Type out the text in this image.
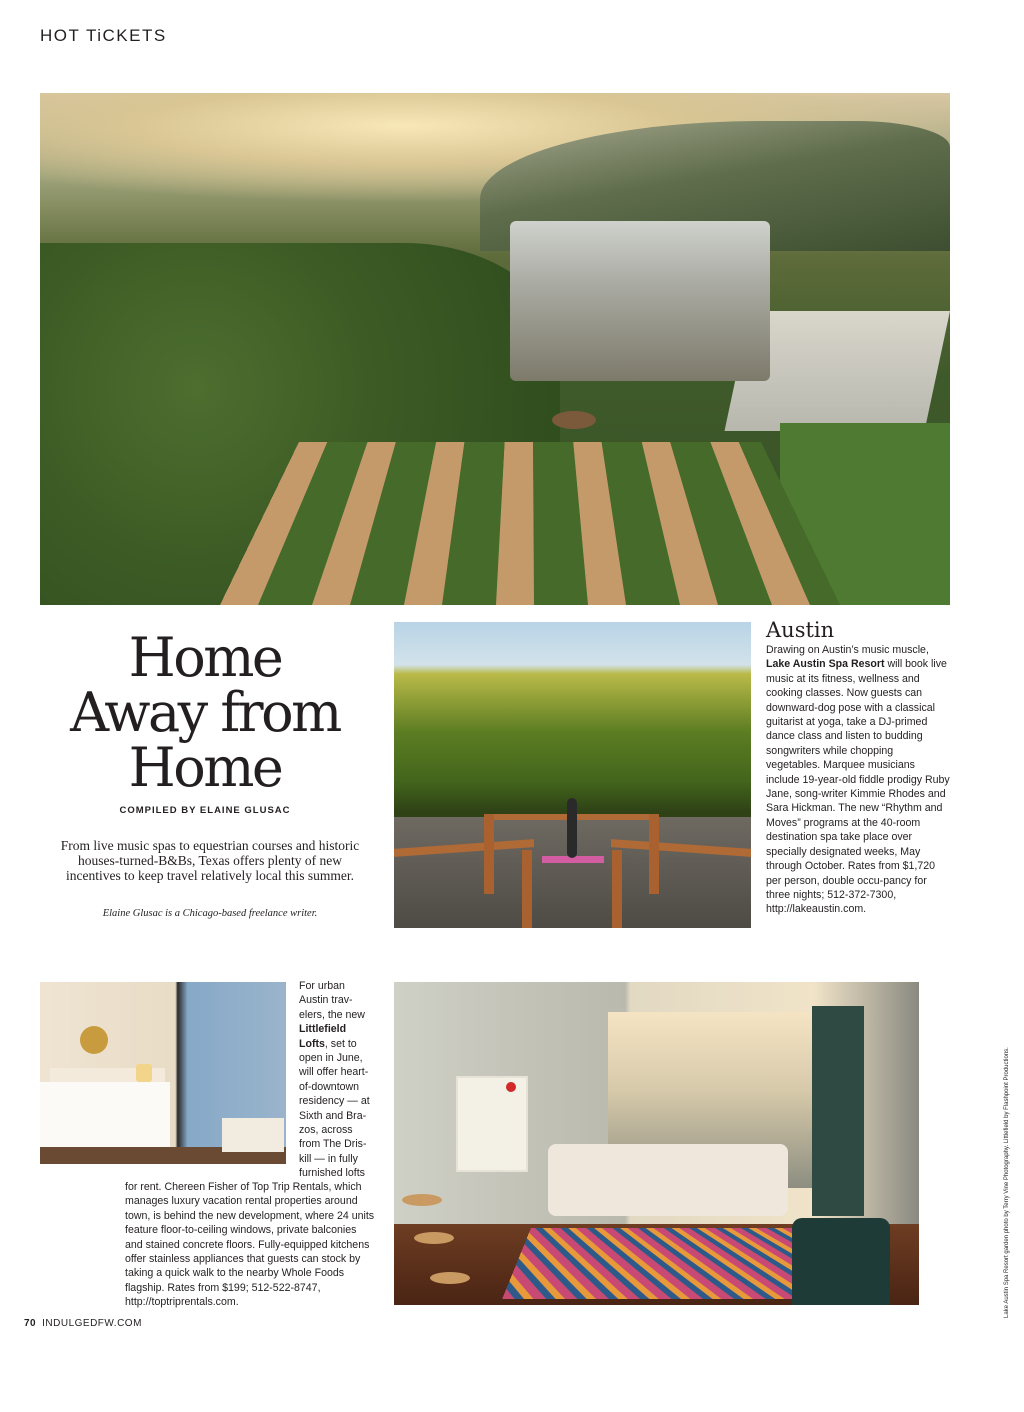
HOT TiCKETS
Home
Away from
Home
COMPILED BY ELAINE GLUSAC
From live music spas to equestrian courses and historic houses-turned-B&Bs, Texas offers plenty of new incentives to keep travel relatively local this summer.
Elaine Glusac is a Chicago-based freelance writer.
Austin
Drawing on Austin’s music muscle, Lake Austin Spa Resort will book live music at its fitness, wellness and cooking classes. Now guests can downward-dog pose with a classical guitarist at yoga, take a DJ-primed dance class and listen to budding songwriters while chopping vegetables. Marquee musicians include 19-year-old fiddle prodigy Ruby Jane, song-writer Kimmie Rhodes and Sara Hickman. The new “Rhythm and Moves” programs at the 40-room destination spa take place over specially designated weeks, May through October. Rates from $1,720 per person, double occu-pancy for three nights; 512-372-7300, http://lakeaustin.com.
For urban Austin trav-elers, the new Littlefield Lofts, set to open in June, will offer heart-of-downtown residency — at Sixth and Bra-zos, across from The Dris-kill — in fully furnished lofts
for rent. Chereen Fisher of Top Trip Rentals, which manages luxury vacation rental properties around town, is behind the new development, where 24 units feature floor-to-ceiling windows, private balconies and stained concrete floors. Fully-equipped kitchens offer stainless appliances that guests can stock by taking a quick walk to the nearby Whole Foods flagship. Rates from $199; 512-522-8747, http://toptriprentals.com.
70 INDULGEDFW.COM
Lake Austin Spa Resort garden photo by Terry Vine Photography. Littlefield by Flashpoint Productions.
